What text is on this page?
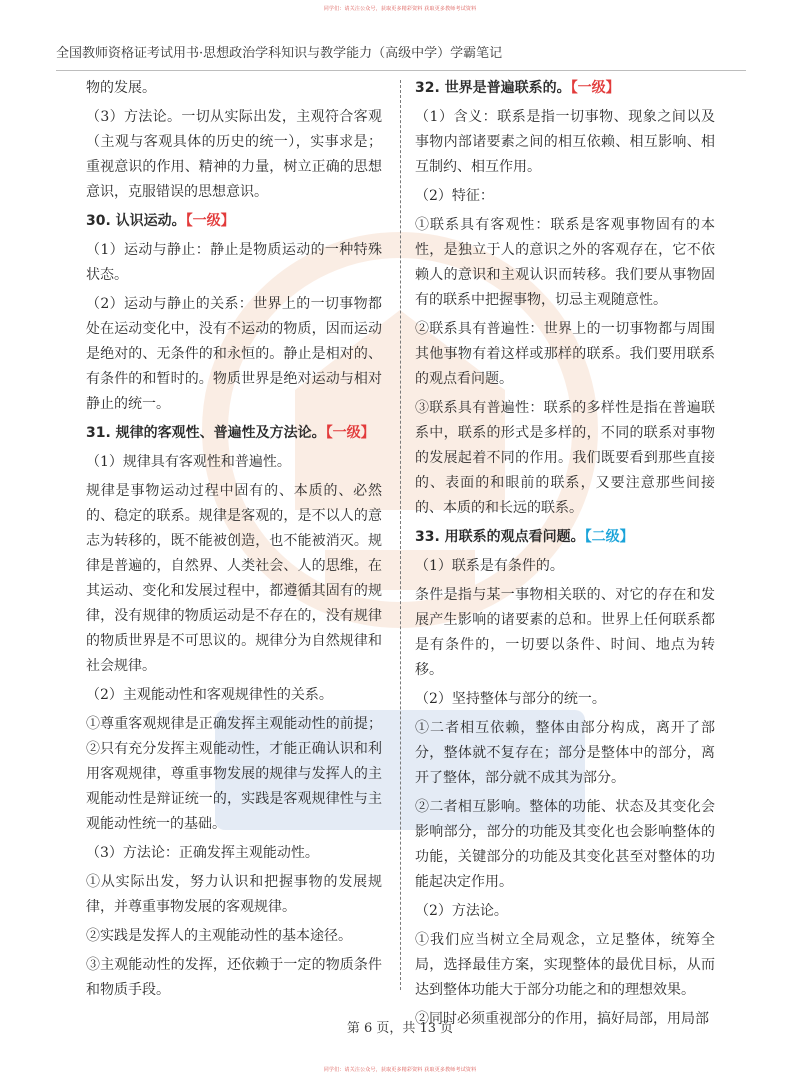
同学们：请关注公众号，获取更多精彩资料 获取更多教师考试资料
全国教师资格证考试用书·思想政治学科知识与教学能力（高级中学）学霸笔记
物的发展。
（3）方法论。一切从实际出发，主观符合客观（主观与客观具体的历史的统一），实事求是；重视意识的作用、精神的力量，树立正确的思想意识，克服错误的思想意识。
30. 认识运动。【一级】
（1）运动与静止：静止是物质运动的一种特殊状态。
（2）运动与静止的关系：世界上的一切事物都处在运动变化中，没有不运动的物质，因而运动是绝对的、无条件的和永恒的。静止是相对的、有条件的和暂时的。物质世界是绝对运动与相对静止的统一。
31. 规律的客观性、普遍性及方法论。【一级】
（1）规律具有客观性和普遍性。
规律是事物运动过程中固有的、本质的、必然的、稳定的联系。规律是客观的，是不以人的意志为转移的，既不能被创造，也不能被消灭。规律是普遍的，自然界、人类社会、人的思维，在其运动、变化和发展过程中，都遵循其固有的规律，没有规律的物质运动是不存在的，没有规律的物质世界是不可思议的。规律分为自然规律和社会规律。
（2）主观能动性和客观规律性的关系。
①尊重客观规律是正确发挥主观能动性的前提；②只有充分发挥主观能动性，才能正确认识和利用客观规律，尊重事物发展的规律与发挥人的主观能动性是辩证统一的，实践是客观规律性与主观能动性统一的基础。
（3）方法论：正确发挥主观能动性。
①从实际出发，努力认识和把握事物的发展规律，并尊重事物发展的客观规律。
②实践是发挥人的主观能动性的基本途径。
③主观能动性的发挥，还依赖于一定的物质条件和物质手段。
32. 世界是普遍联系的。【一级】
（1）含义：联系是指一切事物、现象之间以及事物内部诸要素之间的相互依赖、相互影响、相互制约、相互作用。
（2）特征：
①联系具有客观性：联系是客观事物固有的本性，是独立于人的意识之外的客观存在，它不依赖人的意识和主观认识而转移。我们要从事物固有的联系中把握事物，切忌主观随意性。
②联系具有普遍性：世界上的一切事物都与周围其他事物有着这样或那样的联系。我们要用联系的观点看问题。
③联系具有普遍性：联系的多样性是指在普遍联系中，联系的形式是多样的，不同的联系对事物的发展起着不同的作用。我们既要看到那些直接的、表面的和眼前的联系，又要注意那些间接的、本质的和长远的联系。
33. 用联系的观点看问题。【二级】
（1）联系是有条件的。
条件是指与某一事物相关联的、对它的存在和发展产生影响的诸要素的总和。世界上任何联系都是有条件的，一切要以条件、时间、地点为转移。
（2）坚持整体与部分的统一。
①二者相互依赖，整体由部分构成，离开了部分，整体就不复存在；部分是整体中的部分，离开了整体，部分就不成其为部分。
②二者相互影响。整体的功能、状态及其变化会影响部分，部分的功能及其变化也会影响整体的功能，关键部分的功能及其变化甚至对整体的功能起决定作用。
（2）方法论。
①我们应当树立全局观念，立足整体，统筹全局，选择最佳方案，实现整体的最优目标，从而达到整体功能大于部分功能之和的理想效果。
②同时必须重视部分的作用，搞好局部，用局部
第 6 页，共 13 页
同学们：请关注公众号，获取更多精彩资料 获取更多教师考试资料
